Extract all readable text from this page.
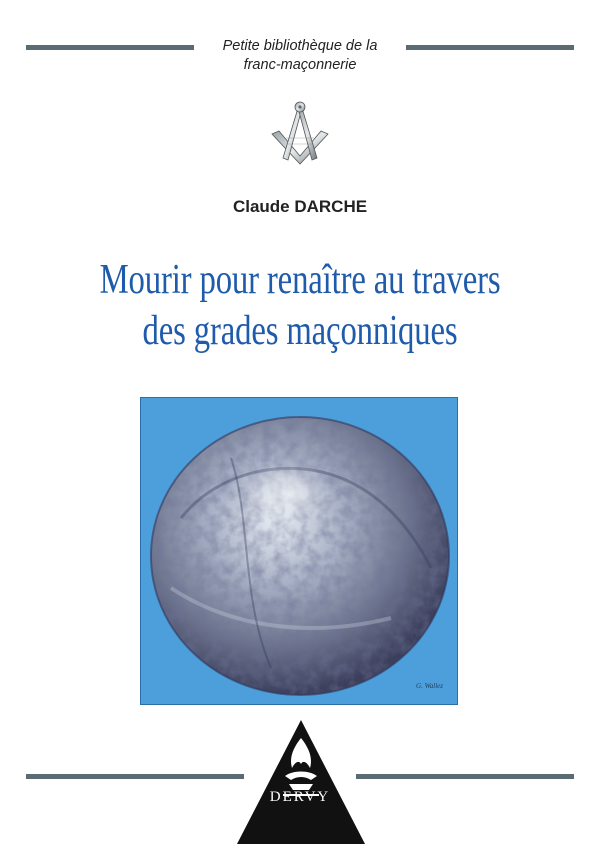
Petite bibliothèque de la
franc-maçonnerie
Claude DARCHE
Mourir pour renaître au travers
des grades maçonniques
G. Wallez
DERVY
